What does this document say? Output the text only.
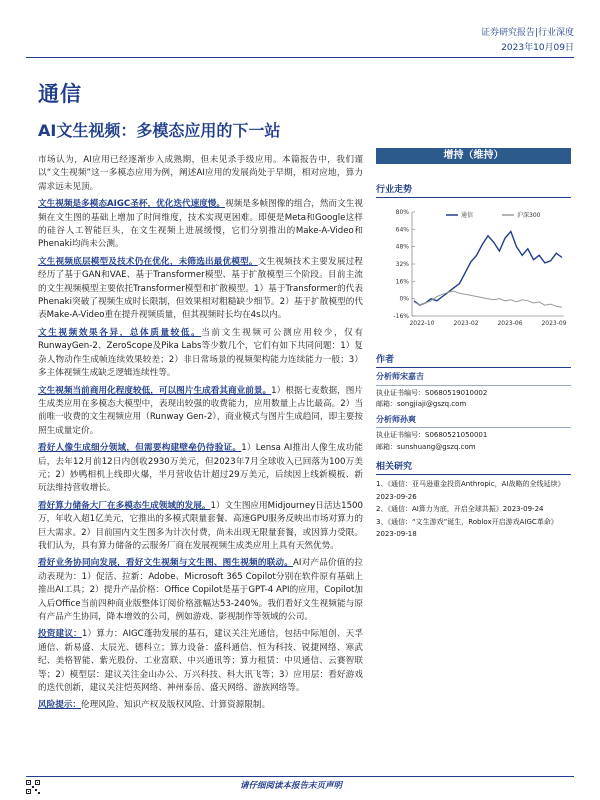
证券研究报告|行业深度
2023年10月09日
通信
AI文生视频：多模态应用的下一站

市场认为，AI应用已经逐渐步入成熟期，但未见杀手级应用。本篇报告中，我们谨以“文生视频”这一多模态应用为例，阐述AI应用的发展尚处于早期，相对应地，算力需求远未见顶。

文生视频是多模态AIGC圣杯，优化迭代速度慢。视频是多帧图像的组合，然而文生视频在文生图的基础上增加了时间维度，技术实现更困难。即便是Meta和Google这样的硅谷人工智能巨头，在文生视频上进展缓慢，它们分别推出的Make-A-Video和Phenaki均尚未公测。

文生视频底层模型及技术仍在优化，未筛选出最优模型。文生视频技术主要发展过程经历了基于GAN和VAE、基于Transformer模型、基于扩散模型三个阶段。目前主流的文生视频模型主要依托Transformer模型和扩散模型。1）基于Transformer的代表Phenaki突破了视频生成时长限制，但效果相对粗糙缺少细节。2）基于扩散模型的代表Make-A-Video重在提升视频质量，但其视频时长均在4s以内。

文生视频效果各异，总体质量较低。当前文生视频可公测应用较少，仅有RunwayGen-2、ZeroScope及Pika Labs等少数几个，它们有如下共同问题：1）复杂人物动作生成帧连续效果较差；2）非日常场景的视频架构能力连续能力一般；3）多主体视频生成缺乏逻辑连续性等。

文生视频当前商用化程度较低，可以图片生成看其商业前景。1）根据七麦数据，图片生成类应用在多模态大模型中，表现出较强的收费能力，应用数量上占比最高。2）当前唯一收费的文生视频应用（Runway Gen-2），商业模式与图片生成趋同，即主要按照生成量定价。

看好人像生成细分领域，但需要构建壁垒仍待验证。1）Lensa AI推出人像生成功能后，去年12月前12日内创收2930万美元，但2023年7月全球收入已回落为100万美元；2）妙鸭相机上线即火爆，半月营收估计超过29万美元，后续因上线新模板、新玩法维持营收增长。

看好算力储备大厂在多模态生成领域的发展。1）文生图应用Midjourney日活达1500万，年收入超1亿美元，它推出的多模式限量套餐、高速GPU服务反映出市场对算力的巨大需求。2）目前国内文生图多为计次付费，尚未出现无限量套餐，或因算力受限。我们认为，具有算力储备的云服务厂商在发展视频生成类应用上具有天然优势。

看好业务协同向发展，看好文生视频与文生图、图生视频的联动。AI对产品价值的拉动表现为：1）促活、拉新：Adobe、Microsoft 365 Copilot分别在软件原有基础上推出AI工具；2）提升产品价格：Office Copilot是基于GPT-4 API的应用，Copilot加入后Office当前四种商业版整体订阅价格涨幅达53-240%。我们看好文生视频能与原有产品产生协同，降本增效的公司，例如游戏、影视制作等领域的公司。

投资建议：1）算力：AIGC蓬勃发展的基石，建议关注光通信，包括中际旭创、天孚通信、新易盛、太辰光、德科立；算力设备：盛科通信、恒为科技、锐捷网络、寒武纪、美格智能、紫光股份、工业富联、中兴通讯等；算力租赁：中贝通信、云赛智联等；2）模型层：建议关注金山办公、万兴科技、科大讯飞等；3）应用层：看好游戏的迭代创新，建议关注恺英网络、神州泰岳、盛天网络、游族网络等。

风险提示：伦理风险、知识产权及版权风险、计算资源限制。

增持（维持）
行业走势
80%
64%
48%
32%
16%
0%
-16%
2022-10	2023-02	2023-06	2023-09
通信	沪深300
作者
分析师宋嘉吉
执业证书编号：S0680519010002
邮箱：songjiaji@gszq.com
分析师孙爽
执业证书编号：S0680521050001
邮箱：sunshuang@gszq.com
相关研究
1、《通信：亚马逊重金投资Anthropic，AI战略的全线延续》2023-09-26
2、《通信：AI算力为底，开启全球共振》2023-09-24
3、《通信：“文生游戏”诞生，Roblox开启游戏AIGC革命》2023-09-18
请仔细阅读本报告末页声明
